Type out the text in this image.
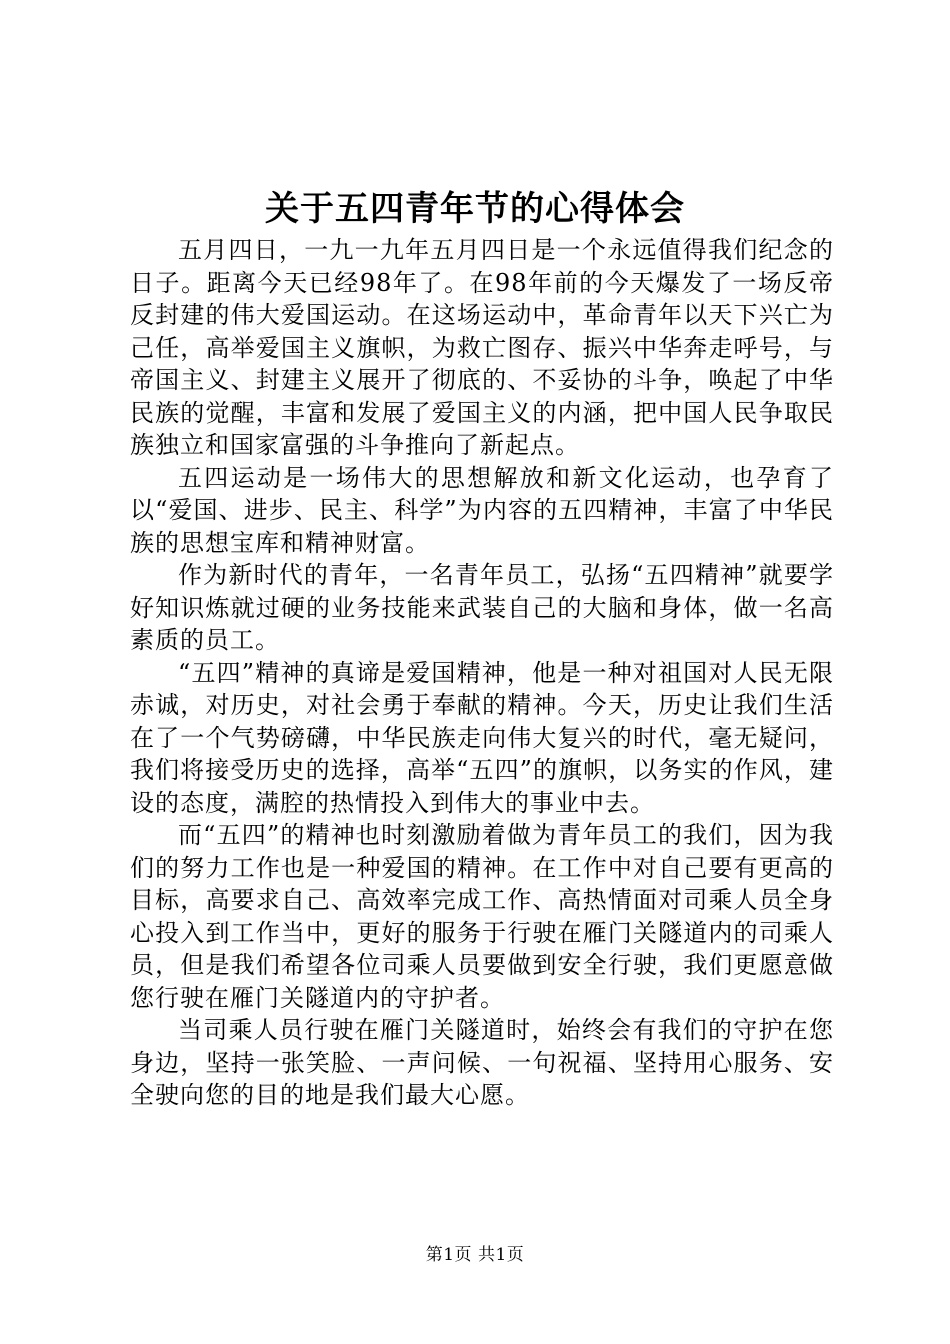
关于五四青年节的心得体会

五月四日，一九一九年五月四日是一个永远值得我们纪念的日子。距离今天已经98年了。在98年前的今天爆发了一场反帝反封建的伟大爱国运动。在这场运动中，革命青年以天下兴亡为己任，高举爱国主义旗帜，为救亡图存、振兴中华奔走呼号，与帝国主义、封建主义展开了彻底的、不妥协的斗争，唤起了中华民族的觉醒，丰富和发展了爱国主义的内涵，把中国人民争取民族独立和国家富强的斗争推向了新起点。

五四运动是一场伟大的思想解放和新文化运动，也孕育了以“爱国、进步、民主、科学”为内容的五四精神，丰富了中华民族的思想宝库和精神财富。

作为新时代的青年，一名青年员工，弘扬“五四精神”就要学好知识炼就过硬的业务技能来武装自己的大脑和身体，做一名高素质的员工。

“五四”精神的真谛是爱国精神，他是一种对祖国对人民无限赤诚，对历史，对社会勇于奉献的精神。今天，历史让我们生活在了一个气势磅礴，中华民族走向伟大复兴的时代，毫无疑问，我们将接受历史的选择，高举“五四”的旗帜，以务实的作风，建设的态度，满腔的热情投入到伟大的事业中去。

而“五四”的精神也时刻激励着做为青年员工的我们，因为我们的努力工作也是一种爱国的精神。在工作中对自己要有更高的目标，高要求自己、高效率完成工作、高热情面对司乘人员全身心投入到工作当中，更好的服务于行驶在雁门关隧道内的司乘人员，但是我们希望各位司乘人员要做到安全行驶，我们更愿意做您行驶在雁门关隧道内的守护者。

当司乘人员行驶在雁门关隧道时，始终会有我们的守护在您身边，坚持一张笑脸、一声问候、一句祝福、坚持用心服务、安全驶向您的目的地是我们最大心愿。

第1页 共1页
